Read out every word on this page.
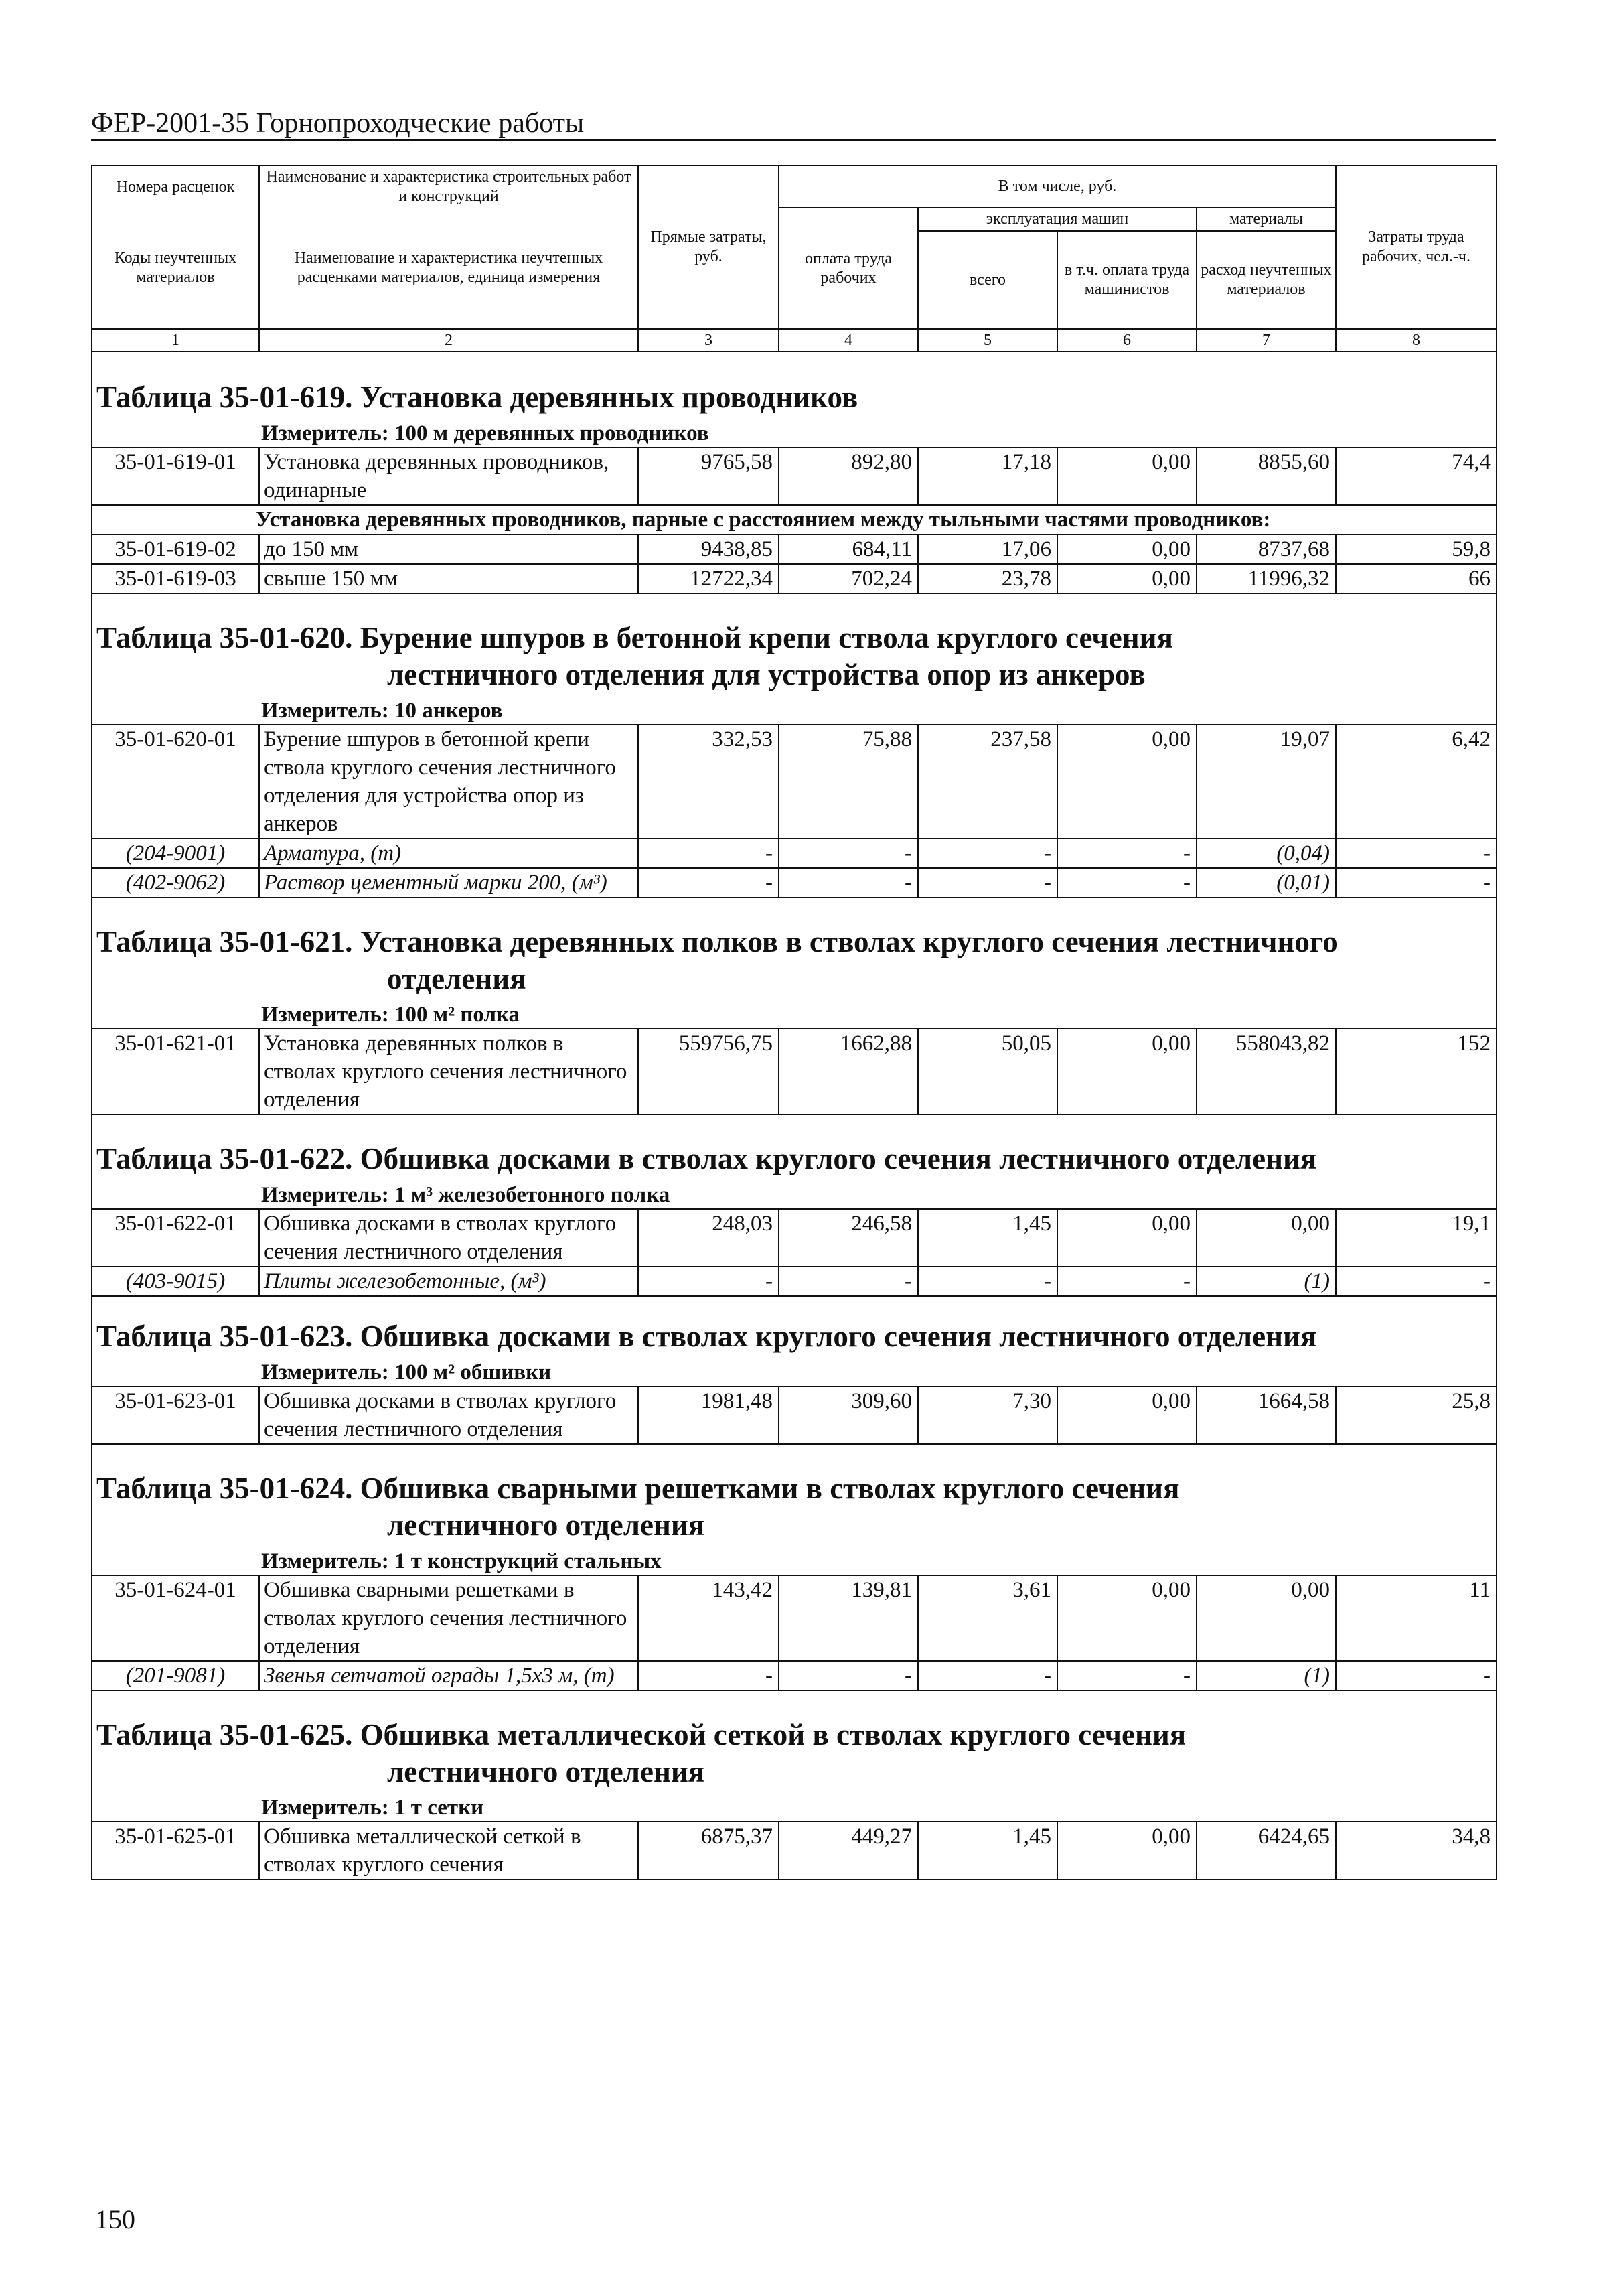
ФЕР-2001-35 Горнопроходческие работы
Номера расценок	Наименование и характеристика строительных работ и конструкций	Прямые затраты, руб.	В том числе, руб.				Затраты труда рабочих, чел.-ч.
Коды неучтенных материалов	Наименование и характеристика неучтенных расценками материалов, единица измерения		оплата труда рабочих	эксплуатация машин		материалы	
				всего	в т.ч. оплата труда машинистов	расход неучтенных материалов	
1	2	3	4	5	6	7	8

Таблица 35-01-619. Установка деревянных проводников							

Измеритель: 100 м деревянных проводников							
35-01-619-01	Установка деревянных проводников, одинарные	9765,58	892,80	17,18	0,00	8855,60	74,4
Установка деревянных проводников, парные с расстоянием между тыльными частями проводников:							
35-01-619-02	до 150 мм	9438,85	684,11	17,06	0,00	8737,68	59,8
35-01-619-03	свыше 150 мм	12722,34	702,24	23,78	0,00	11996,32	66

Таблица 35-01-620. Бурение шпуров в бетонной крепи ствола круглого сечения
лестничного отделения для устройства опор из анкеров							

Измеритель: 10 анкеров							
35-01-620-01	Бурение шпуров в бетонной крепи ствола круглого сечения лестничного отделения для устройства опор из анкеров	332,53	75,88	237,58	0,00	19,07	6,42
(204-9001)	Арматура, (т)	-	-	-	-	(0,04)	-
(402-9062)	Раствор цементный марки 200, (м³)	-	-	-	-	(0,01)	-

Таблица 35-01-621. Установка деревянных полков в стволах круглого сечения лестничного
отделения							

Измеритель: 100 м² полка							
35-01-621-01	Установка деревянных полков в стволах круглого сечения лестничного отделения	559756,75	1662,88	50,05	0,00	558043,82	152

Таблица 35-01-622. Обшивка досками в стволах круглого сечения лестничного отделения							

Измеритель: 1 м³ железобетонного полка							
35-01-622-01	Обшивка досками в стволах круглого сечения лестничного отделения	248,03	246,58	1,45	0,00	0,00	19,1
(403-9015)	Плиты железобетонные, (м³)	-	-	-	-	(1)	-

Таблица 35-01-623. Обшивка досками в стволах круглого сечения лестничного отделения							

Измеритель: 100 м² обшивки							
35-01-623-01	Обшивка досками в стволах круглого сечения лестничного отделения	1981,48	309,60	7,30	0,00	1664,58	25,8

Таблица 35-01-624. Обшивка сварными решетками в стволах круглого сечения
лестничного отделения							

Измеритель: 1 т конструкций стальных							
35-01-624-01	Обшивка сварными решетками в стволах круглого сечения лестничного отделения	143,42	139,81	3,61	0,00	0,00	11
(201-9081)	Звенья сетчатой ограды 1,5х3 м, (т)	-	-	-	-	(1)	-

Таблица 35-01-625. Обшивка металлической сеткой в стволах круглого сечения
лестничного отделения							

Измеритель: 1 т сетки							
35-01-625-01	Обшивка металлической сеткой в стволах круглого сечения	6875,37	449,27	1,45	0,00	6424,65	34,8
150
